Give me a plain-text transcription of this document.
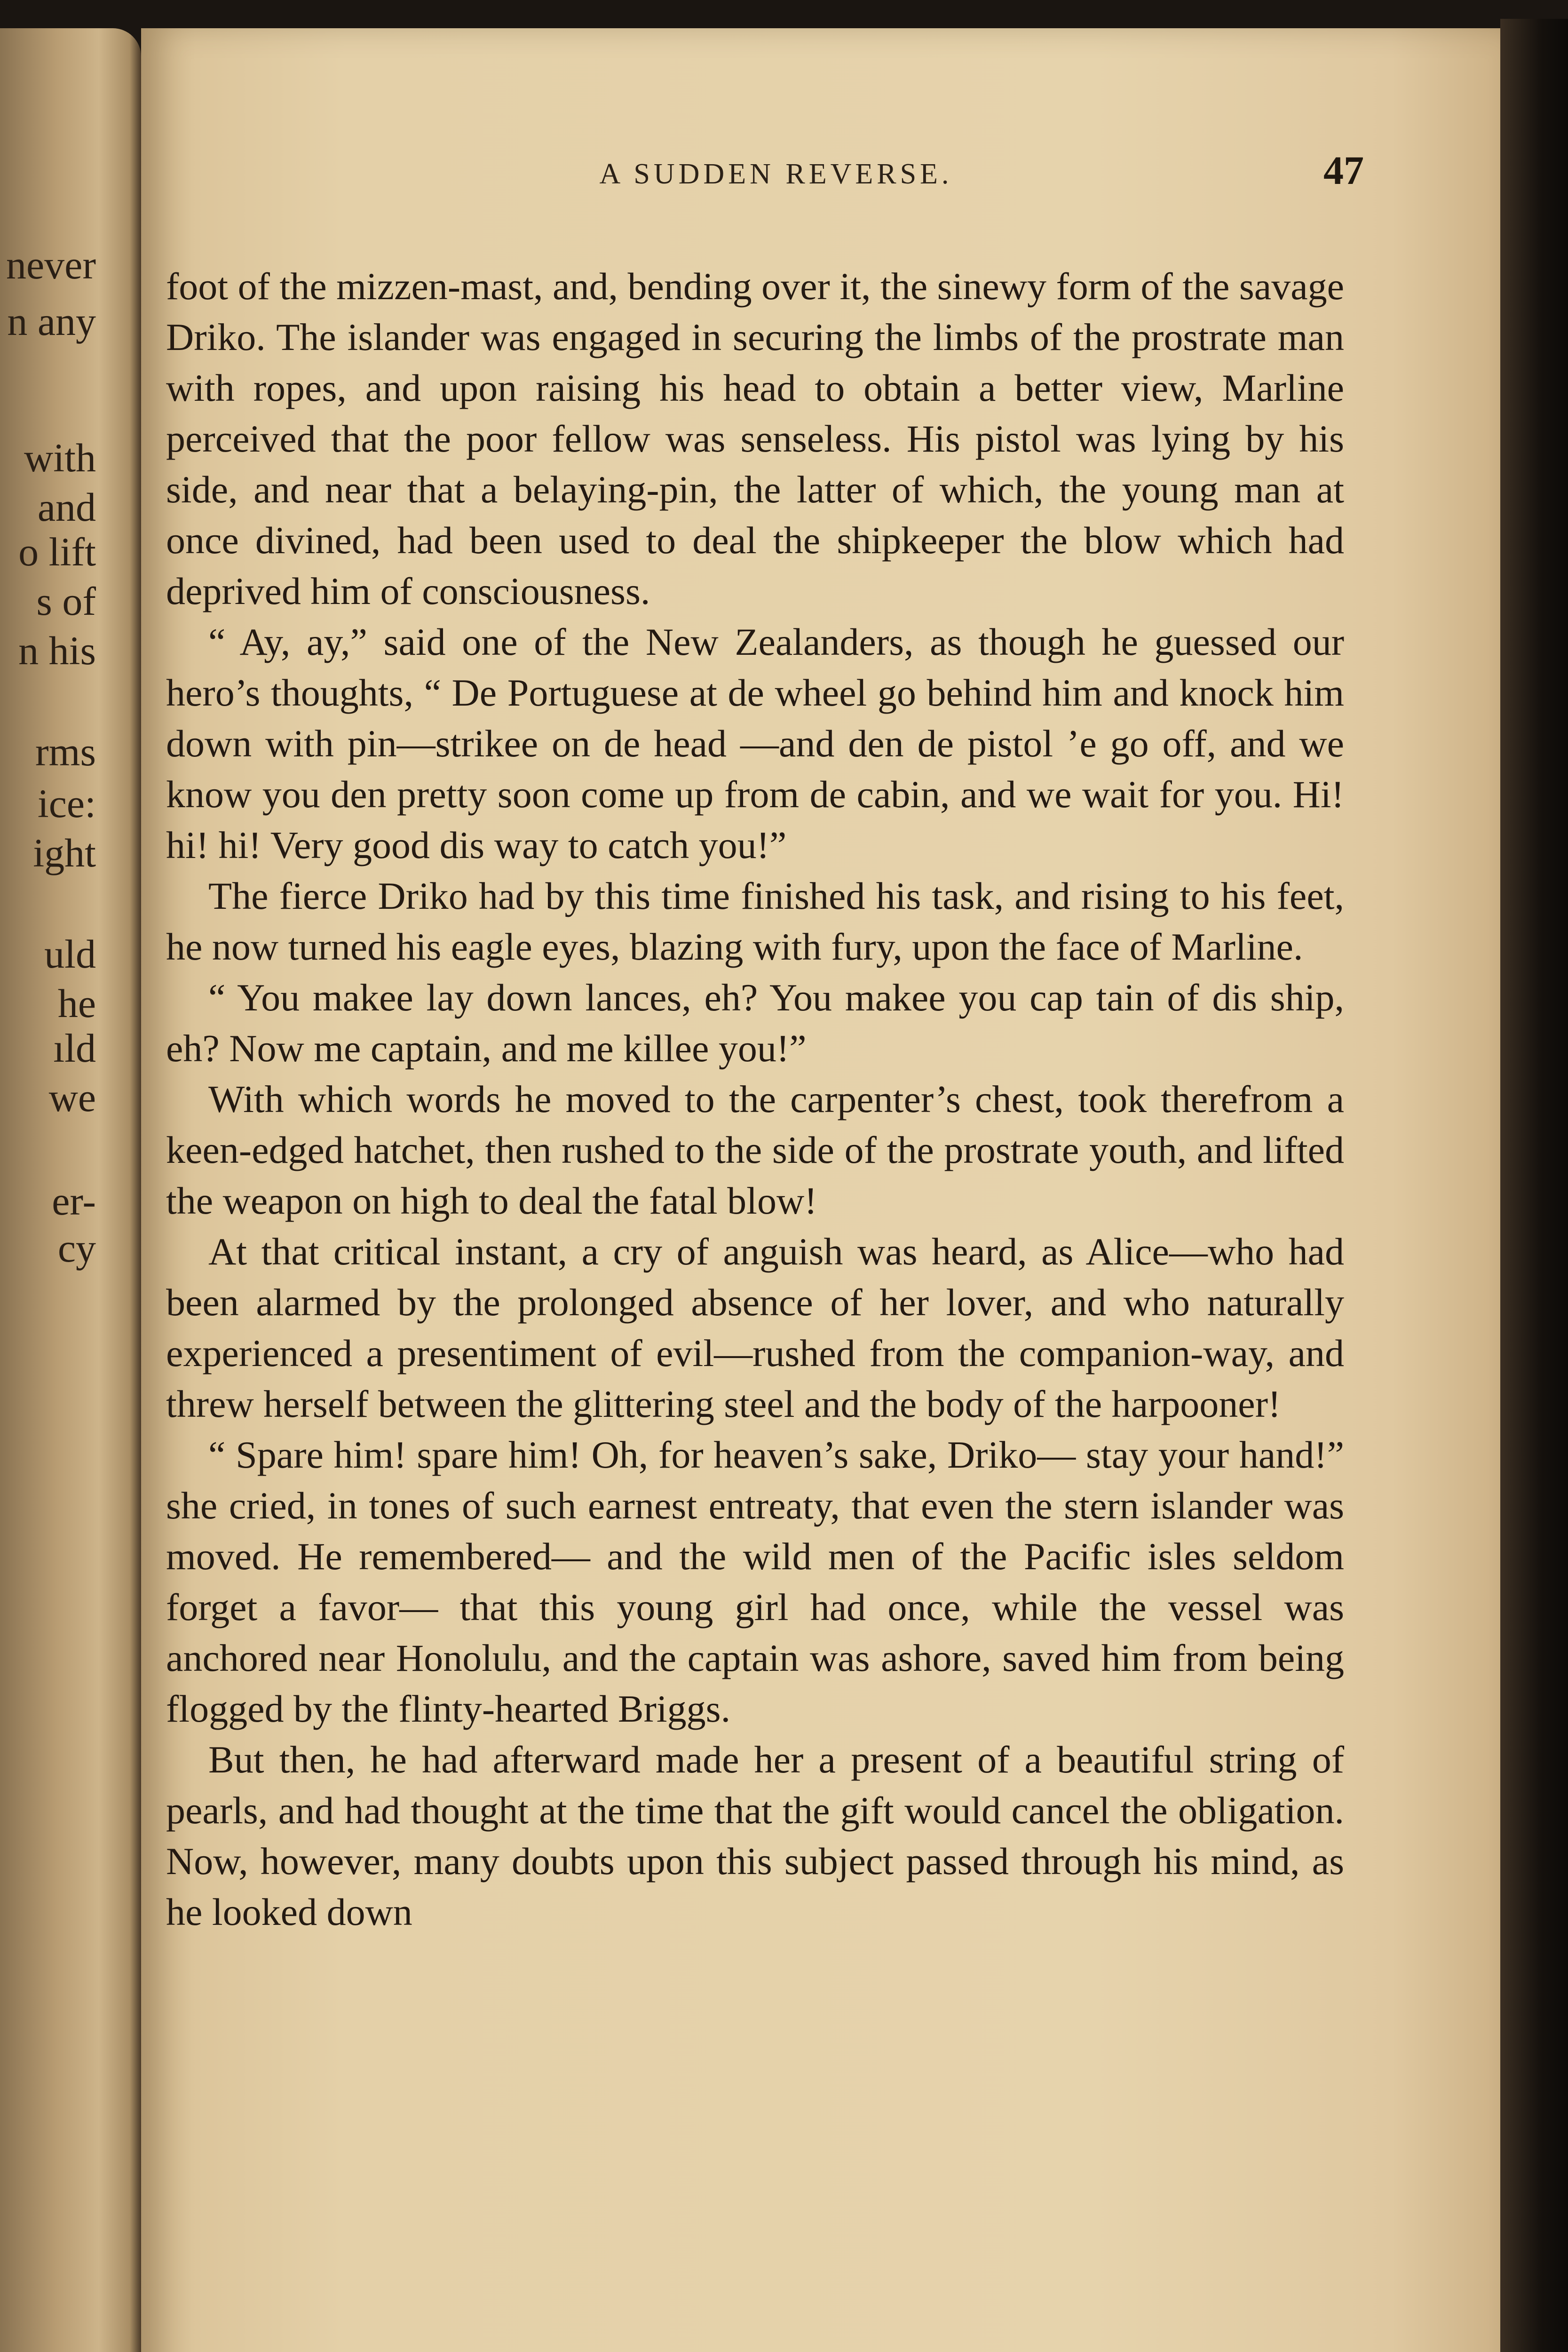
never
n any
with
and
o lift
s of
n his
rms
ice:
ight
uld
he
ıld
we
er-
cy
A SUDDEN REVERSE.	47

foot of the mizzen-mast, and, bending over it, the sinewy form of the savage Driko. The islander was engaged in securing the limbs of the prostrate man with ropes, and upon raising his head to obtain a better view, Marline perceived that the poor fellow was senseless. His pistol was lying by his side, and near that a belaying-pin, the latter of which, the young man at once divined, had been used to deal the shipkeeper the blow which had deprived him of consciousness.

“ Ay, ay,” said one of the New Zealanders, as though he guessed our hero’s thoughts, “ De Portuguese at de wheel go behind him and knock him down with pin—strikee on de head —and den de pistol ’e go off, and we know you den pretty soon come up from de cabin, and we wait for you. Hi! hi! hi! Very good dis way to catch you!”

The fierce Driko had by this time finished his task, and rising to his feet, he now turned his eagle eyes, blazing with fury, upon the face of Marline.

“ You makee lay down lances, eh? You makee you cap tain of dis ship, eh? Now me captain, and me killee you!”

With which words he moved to the carpenter’s chest, took therefrom a keen-edged hatchet, then rushed to the side of the prostrate youth, and lifted the weapon on high to deal the fatal blow!

At that critical instant, a cry of anguish was heard, as Alice—who had been alarmed by the prolonged absence of her lover, and who naturally experienced a presentiment of evil—rushed from the companion-way, and threw herself between the glittering steel and the body of the harpooner!

“ Spare him! spare him! Oh, for heaven’s sake, Driko— stay your hand!” she cried, in tones of such earnest entreaty, that even the stern islander was moved. He remembered— and the wild men of the Pacific isles seldom forget a favor— that this young girl had once, while the vessel was anchored near Honolulu, and the captain was ashore, saved him from being flogged by the flinty-hearted Briggs.

But then, he had afterward made her a present of a beautiful string of pearls, and had thought at the time that the gift would cancel the obligation. Now, however, many doubts upon this subject passed through his mind, as he looked down
